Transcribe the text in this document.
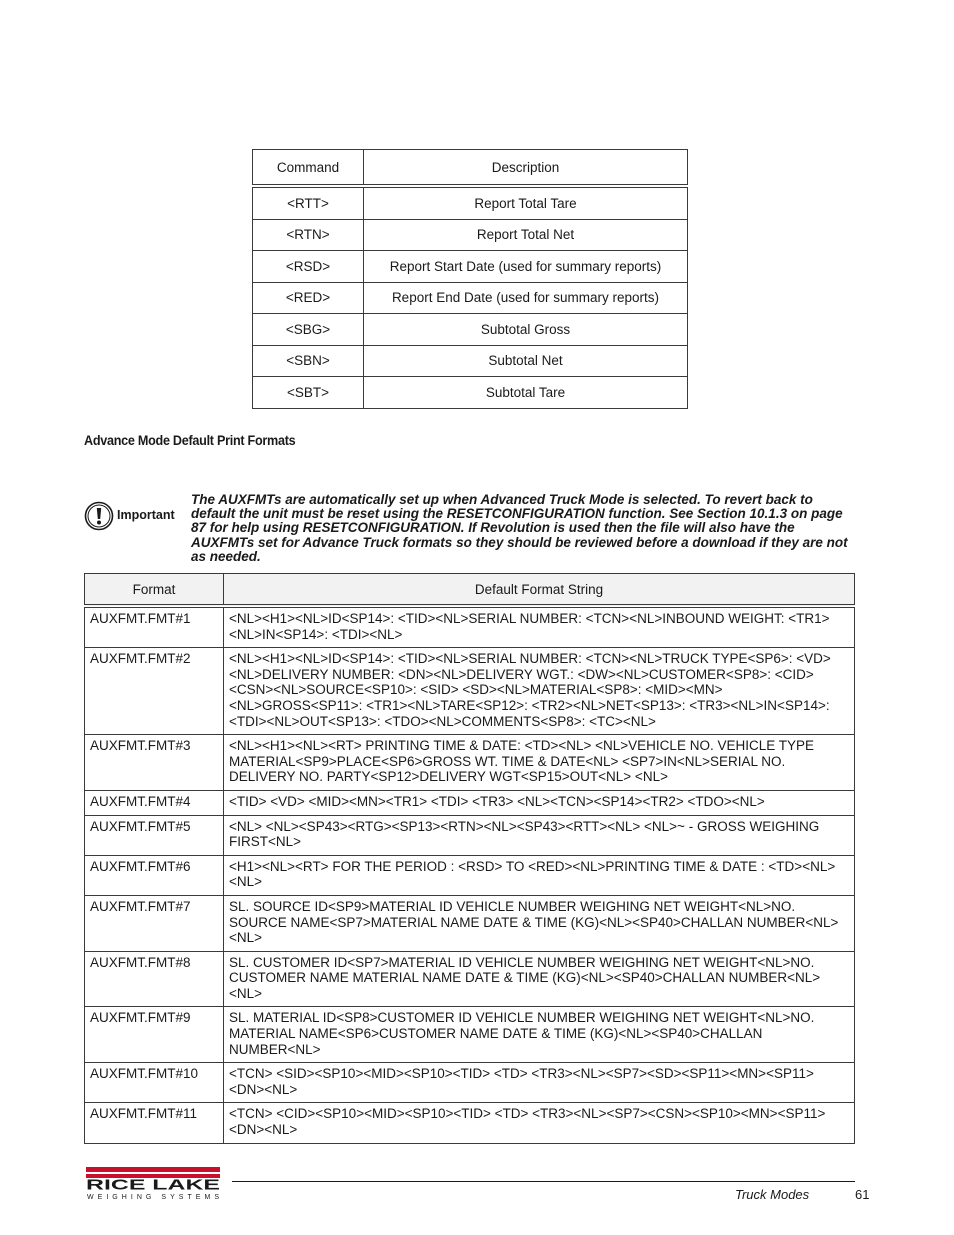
Command	Description
<RTT>	Report Total Tare
<RTN>	Report Total Net
<RSD>	Report Start Date (used for summary reports)
<RED>	Report End Date (used for summary reports)
<SBG>	Subtotal Gross
<SBN>	Subtotal Net
<SBT>	Subtotal Tare
Advance Mode Default Print Formats
Important
The AUXFMTs are automatically set up when Advanced Truck Mode is selected. To revert back to default the unit must be reset using the RESETCONFIGURATION function. See Section 10.1.3 on page 87 for help using RESETCONFIGURATION. If Revolution is used then the file will also have the AUXFMTs set for Advance Truck formats so they should be reviewed before a download if they are not as needed.
Format	Default Format String
AUXFMT.FMT#1	<NL><H1><NL>ID<SP14>: <TID><NL>SERIAL NUMBER: <TCN><NL>INBOUND WEIGHT: <TR1><NL>IN<SP14>: <TDI><NL>
AUXFMT.FMT#2	<NL><H1><NL>ID<SP14>: <TID><NL>SERIAL NUMBER: <TCN><NL>TRUCK TYPE<SP6>: <VD><NL>DELIVERY NUMBER: <DN><NL>DELIVERY WGT.: <DW><NL>CUSTOMER<SP8>: <CID><CSN><NL>SOURCE<SP10>: <SID> <SD><NL>MATERIAL<SP8>: <MID><MN><NL>GROSS<SP11>: <TR1><NL>TARE<SP12>: <TR2><NL>NET<SP13>: <TR3><NL>IN<SP14>: <TDI><NL>OUT<SP13>: <TDO><NL>COMMENTS<SP8>: <TC><NL>
AUXFMT.FMT#3	<NL><H1><NL><RT> PRINTING TIME & DATE: <TD><NL> <NL>VEHICLE NO. VEHICLE TYPE MATERIAL<SP9>PLACE<SP6>GROSS WT. TIME & DATE<NL> <SP7>IN<NL>SERIAL NO. DELIVERY NO. PARTY<SP12>DELIVERY WGT<SP15>OUT<NL> <NL>
AUXFMT.FMT#4	<TID> <VD> <MID><MN><TR1> <TDI> <TR3> <NL><TCN><SP14><TR2> <TDO><NL>
AUXFMT.FMT#5	<NL> <NL><SP43><RTG><SP13><RTN><NL><SP43><RTT><NL> <NL>~ - GROSS WEIGHING FIRST<NL>
AUXFMT.FMT#6	<H1><NL><RT> FOR THE PERIOD : <RSD> TO <RED><NL>PRINTING TIME & DATE : <TD><NL> <NL>
AUXFMT.FMT#7	SL. SOURCE ID<SP9>MATERIAL ID VEHICLE NUMBER WEIGHING NET WEIGHT<NL>NO. SOURCE NAME<SP7>MATERIAL NAME DATE & TIME (KG)<NL><SP40>CHALLAN NUMBER<NL> <NL>
AUXFMT.FMT#8	SL. CUSTOMER ID<SP7>MATERIAL ID VEHICLE NUMBER WEIGHING NET WEIGHT<NL>NO. CUSTOMER NAME MATERIAL NAME DATE & TIME (KG)<NL><SP40>CHALLAN NUMBER<NL> <NL>
AUXFMT.FMT#9	SL. MATERIAL ID<SP8>CUSTOMER ID VEHICLE NUMBER WEIGHING NET WEIGHT<NL>NO. MATERIAL NAME<SP6>CUSTOMER NAME DATE & TIME (KG)<NL><SP40>CHALLAN NUMBER<NL>
AUXFMT.FMT#10	<TCN> <SID><SP10><MID><SP10><TID> <TD> <TR3><NL><SP7><SD><SP11><MN><SP11><DN><NL>
AUXFMT.FMT#11	<TCN> <CID><SP10><MID><SP10><TID> <TD> <TR3><NL><SP7><CSN><SP10><MN><SP11><DN><NL>
RICE LAKE
WEIGHING SYSTEMS	Truck Modes	61
